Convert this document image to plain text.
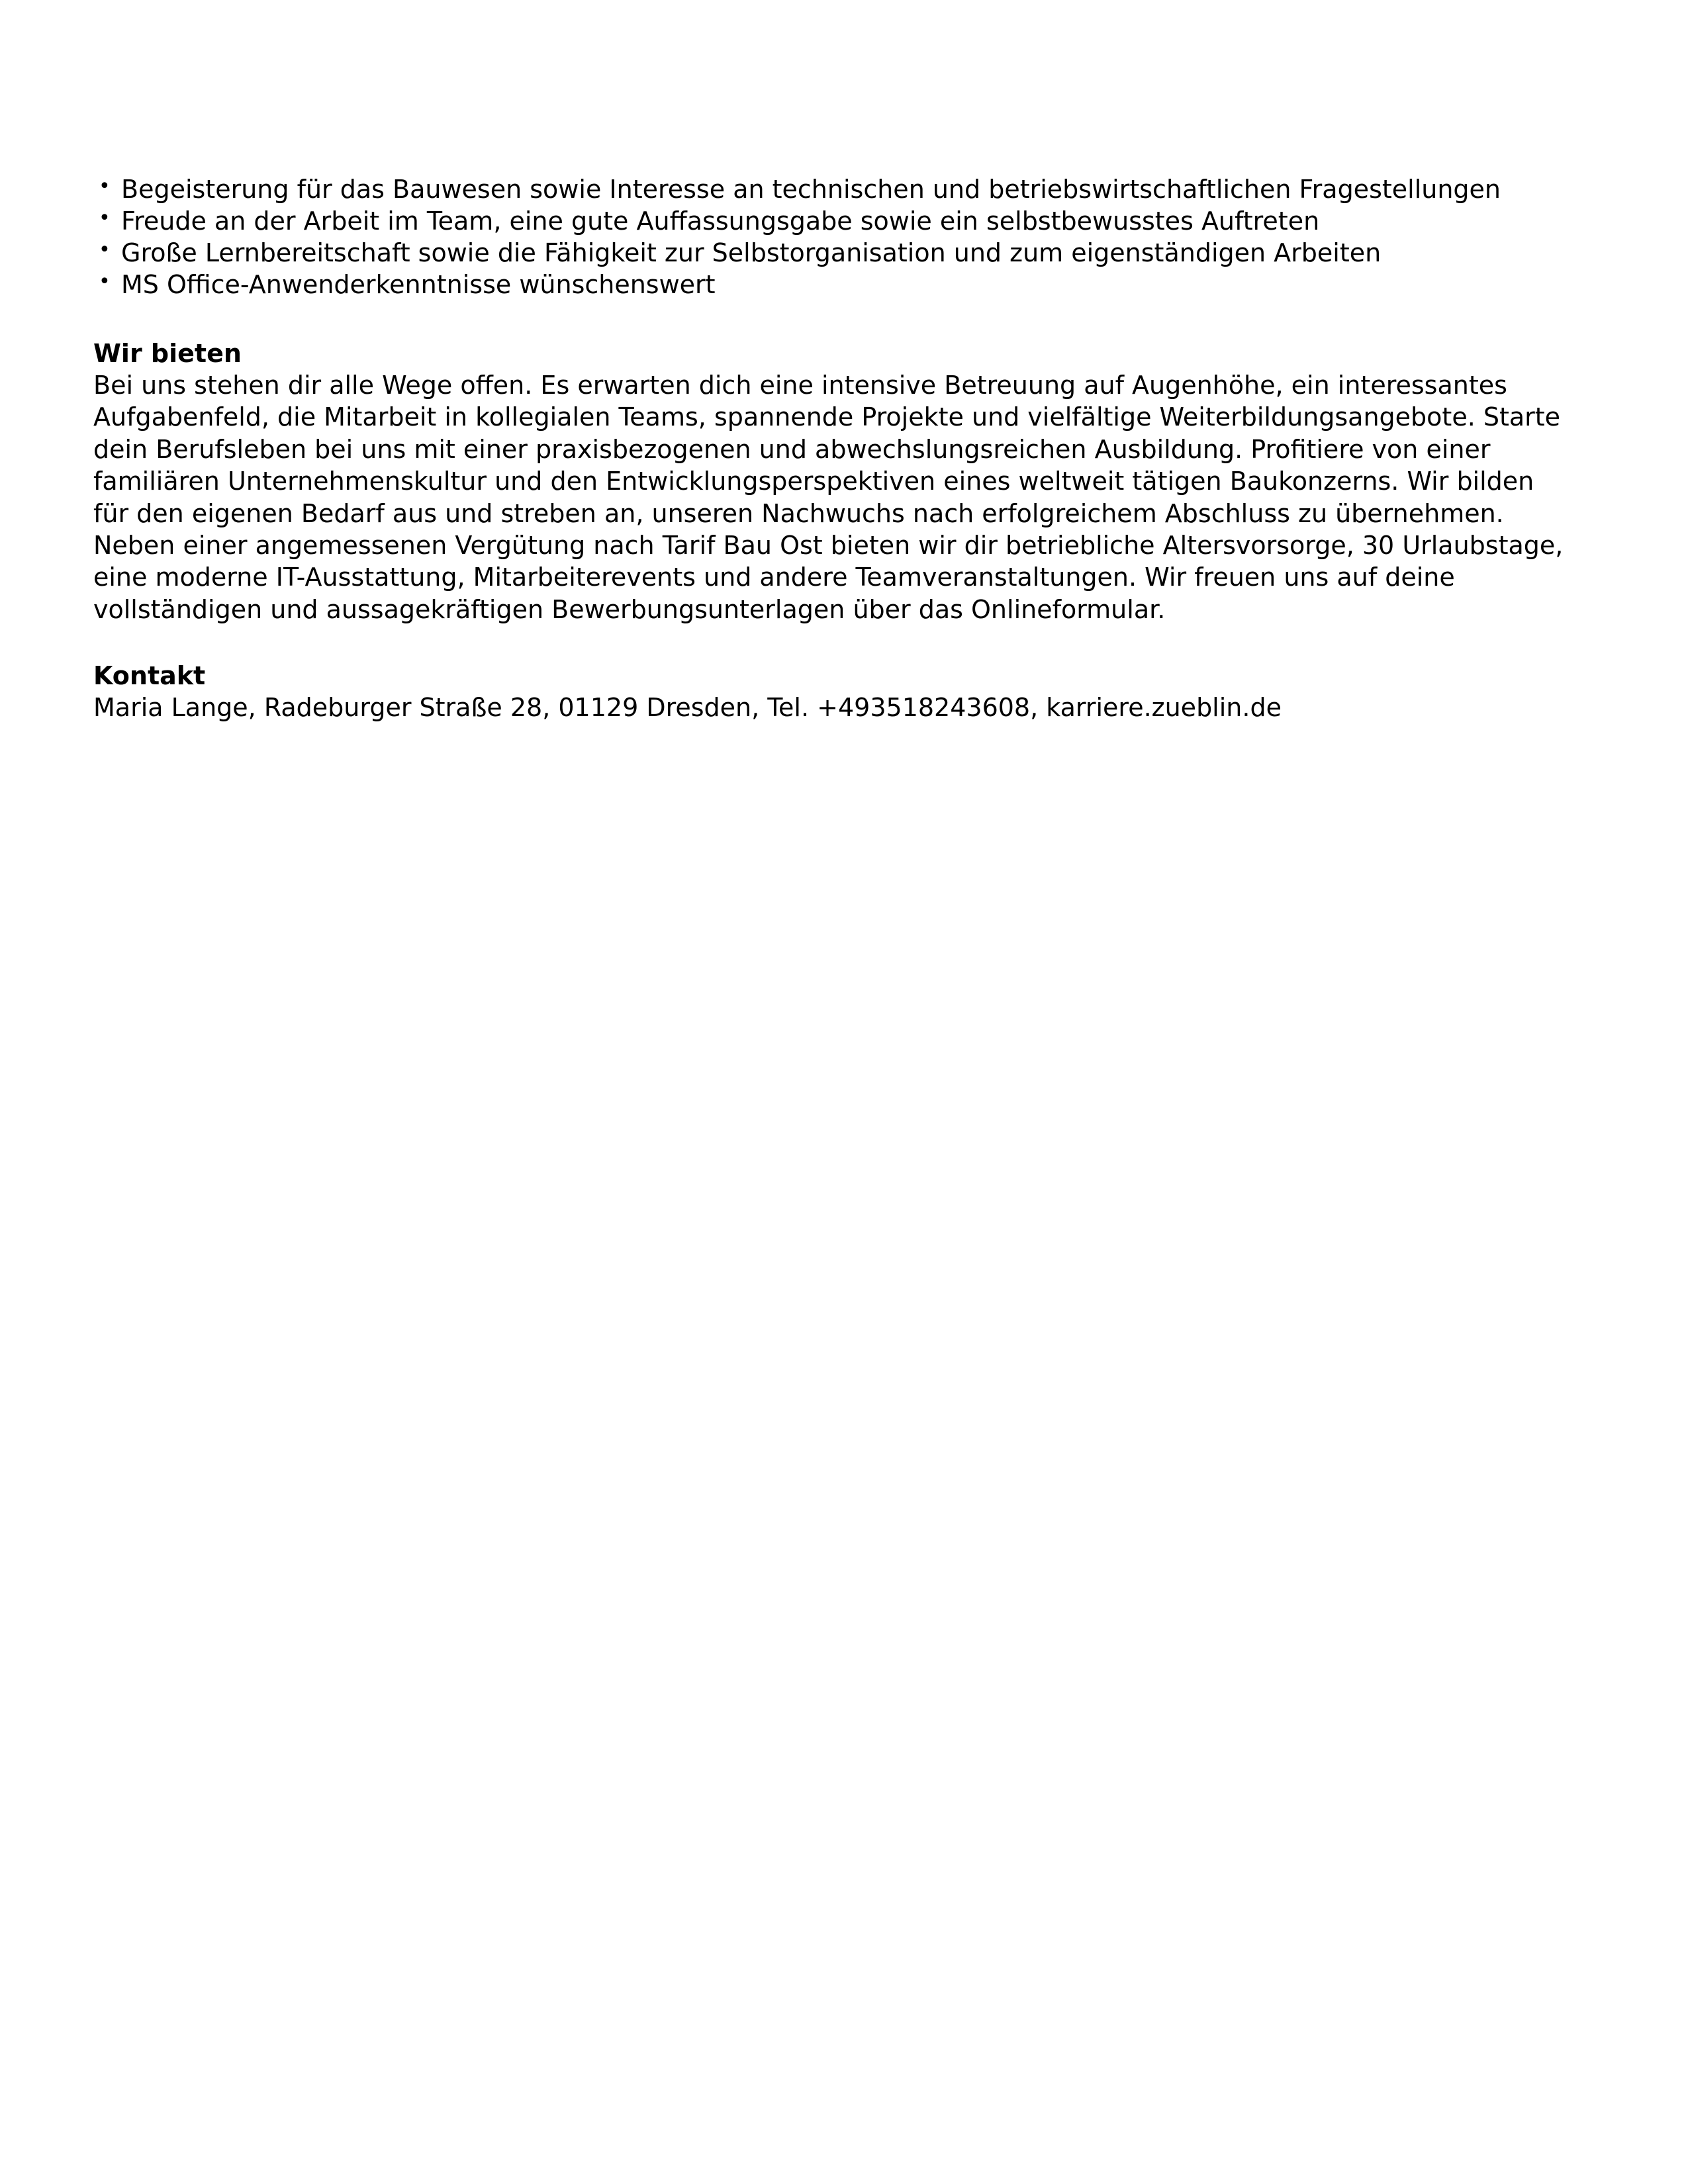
• Begeisterung für das Bauwesen sowie Interesse an technischen und betriebswirtschaftlichen Fragestellungen
• Freude an der Arbeit im Team, eine gute Auffassungsgabe sowie ein selbstbewusstes Auftreten
• Große Lernbereitschaft sowie die Fähigkeit zur Selbstorganisation und zum eigenständigen Arbeiten
• MS Office-Anwenderkenntnisse wünschenswert

Wir bieten

Bei uns stehen dir alle Wege offen. Es erwarten dich eine intensive Betreuung auf Augenhöhe, ein interessantes Aufgabenfeld, die Mitarbeit in kollegialen Teams, spannende Projekte und vielfältige Weiterbildungsangebote. Starte dein Berufsleben bei uns mit einer praxisbezogenen und abwechslungsreichen Ausbildung. Profitiere von einer familiären Unternehmenskultur und den Entwicklungsperspektiven eines weltweit tätigen Baukonzerns. Wir bilden für den eigenen Bedarf aus und streben an, unseren Nachwuchs nach erfolgreichem Abschluss zu übernehmen. Neben einer angemessenen Vergütung nach Tarif Bau Ost bieten wir dir betriebliche Altersvorsorge, 30 Urlaubstage, eine moderne IT-Ausstattung, Mitarbeiterevents und andere Teamveranstaltungen. Wir freuen uns auf deine vollständigen und aussagekräftigen Bewerbungsunterlagen über das Onlineformular.

Kontakt

Maria Lange, Radeburger Straße 28, 01129 Dresden, Tel. +493518243608, karriere.zueblin.de
